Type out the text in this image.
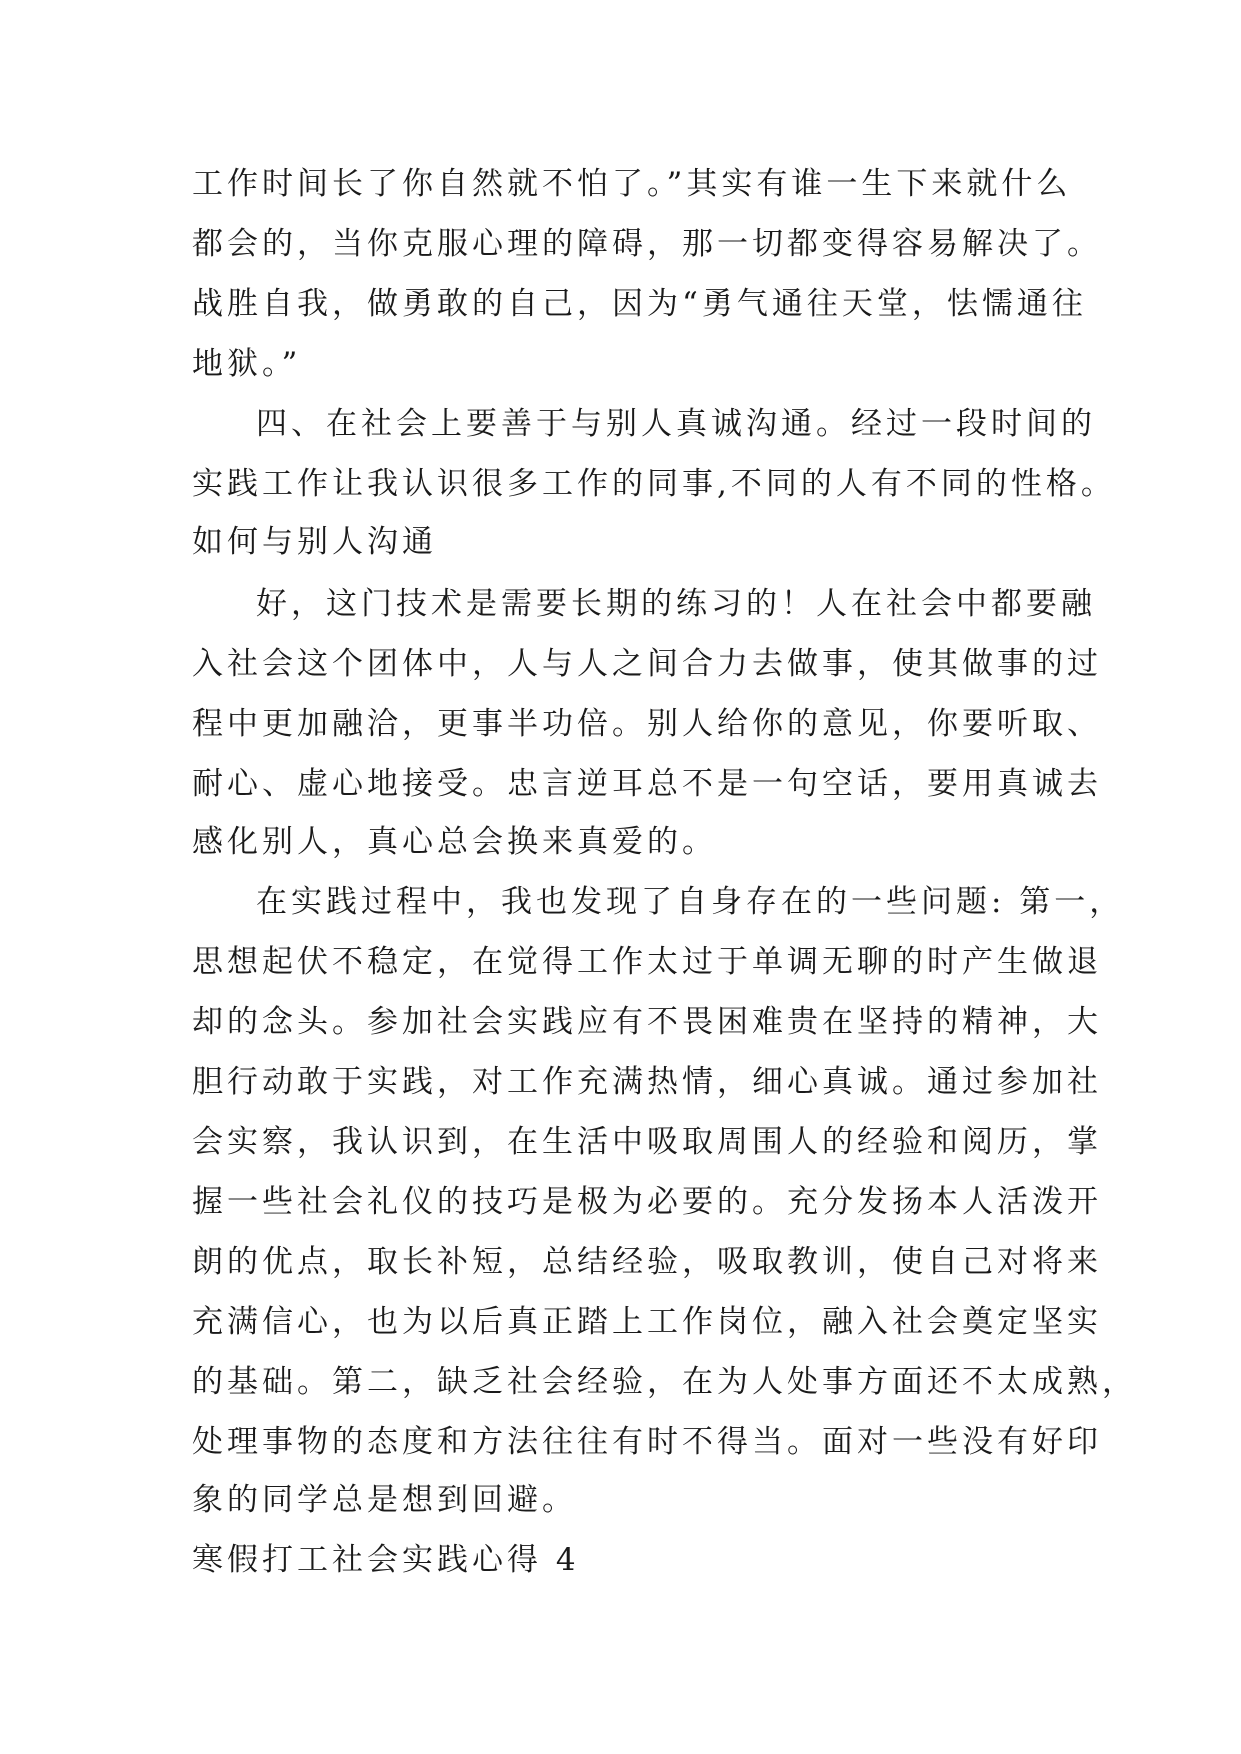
工作时间长了你自然就不怕了。”其实有谁一生下来就什么
都会的，当你克服心理的障碍，那一切都变得容易解决了。
战胜自我，做勇敢的自己，因为“勇气通往天堂，怯懦通往
地狱。”
四、在社会上要善于与别人真诚沟通。经过一段时间的
实践工作让我认识很多工作的同事,不同的人有不同的性格。
如何与别人沟通
好，这门技术是需要长期的练习的！人在社会中都要融
入社会这个团体中，人与人之间合力去做事，使其做事的过
程中更加融洽，更事半功倍。别人给你的意见，你要听取、
耐心、虚心地接受。忠言逆耳总不是一句空话，要用真诚去
感化别人，真心总会换来真爱的。
在实践过程中，我也发现了自身存在的一些问题: 第一，
思想起伏不稳定，在觉得工作太过于单调无聊的时产生做退
却的念头。参加社会实践应有不畏困难贵在坚持的精神，大
胆行动敢于实践，对工作充满热情，细心真诚。通过参加社
会实察，我认识到，在生活中吸取周围人的经验和阅历，掌
握一些社会礼仪的技巧是极为必要的。充分发扬本人活泼开
朗的优点，取长补短，总结经验，吸取教训，使自己对将来
充满信心，也为以后真正踏上工作岗位，融入社会奠定坚实
的基础。第二，缺乏社会经验，在为人处事方面还不太成熟，
处理事物的态度和方法往往有时不得当。面对一些没有好印
象的同学总是想到回避。
寒假打工社会实践心得 4
